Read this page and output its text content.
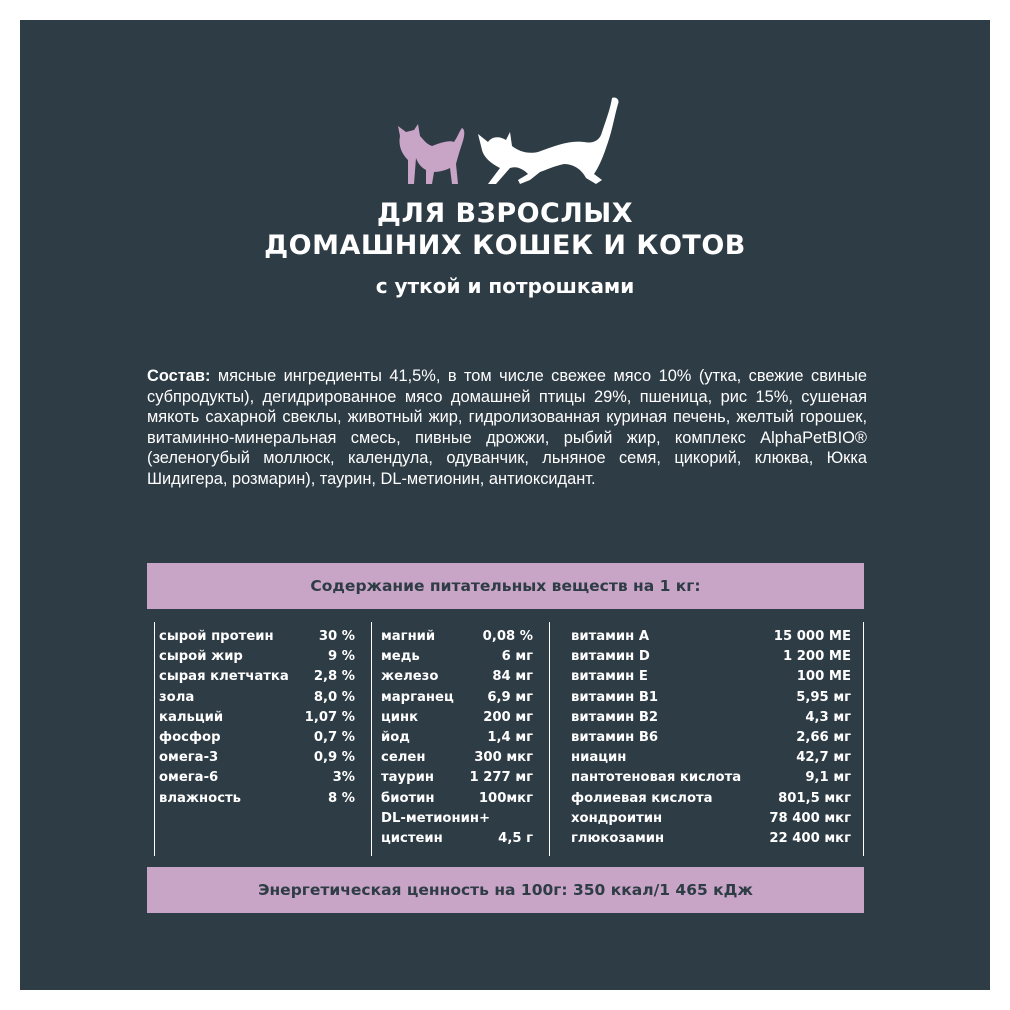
ДЛЯ ВЗРОСЛЫХ
ДОМАШНИХ КОШЕК И КОТОВ
с уткой и потрошками
Состав: мясные ингредиенты 41,5%, в том числе свежее мясо 10% (утка, свежие свиные субпродукты), дегидрированное мясо домашней птицы 29%, пшеница, рис 15%, сушеная мякоть сахарной свеклы, животный жир, гидролизованная куриная печень, желтый горошек, витаминно-минеральная смесь, пивные дрожжи, рыбий жир, комплекс AlphaPetBIO® (зеленогубый моллюск, календула, одуванчик, льняное семя, цикорий, клюква, Юкка Шидигера, розмарин), таурин, DL-метионин, антиоксидант.
Содержание питательных веществ на 1 кг:
сырой протеин	30 %
сырой жир	9 %
сырая клетчатка 2,8 %
зола	8,0 %
кальций	1,07 %
фосфор	0,7 %
омега-3	0,9 %
омега-6	3%
влажность	8 %
магний	0,08 %
медь	6 мг
железо	84 мг
марганец	6,9 мг
цинк	200 мг
йод	1,4 мг
селен	300 мкг
таурин	1 277 мг
биотин	100мкг
DL-метионин+
цистеин	4,5 г
витамин А	15 000 МЕ
витамин D	1 200 МЕ
витамин Е	100 МЕ
витамин В1	5,95 мг
витамин В2	4,3 мг
витамин В6	2,66 мг
ниацин	42,7 мг
пантотеновая кислота	9,1 мг
фолиевая кислота	801,5 мкг
хондроитин	78 400 мкг
глюкозамин	22 400 мкг
Энергетическая ценность на 100г: 350 ккал/1 465 кДж
